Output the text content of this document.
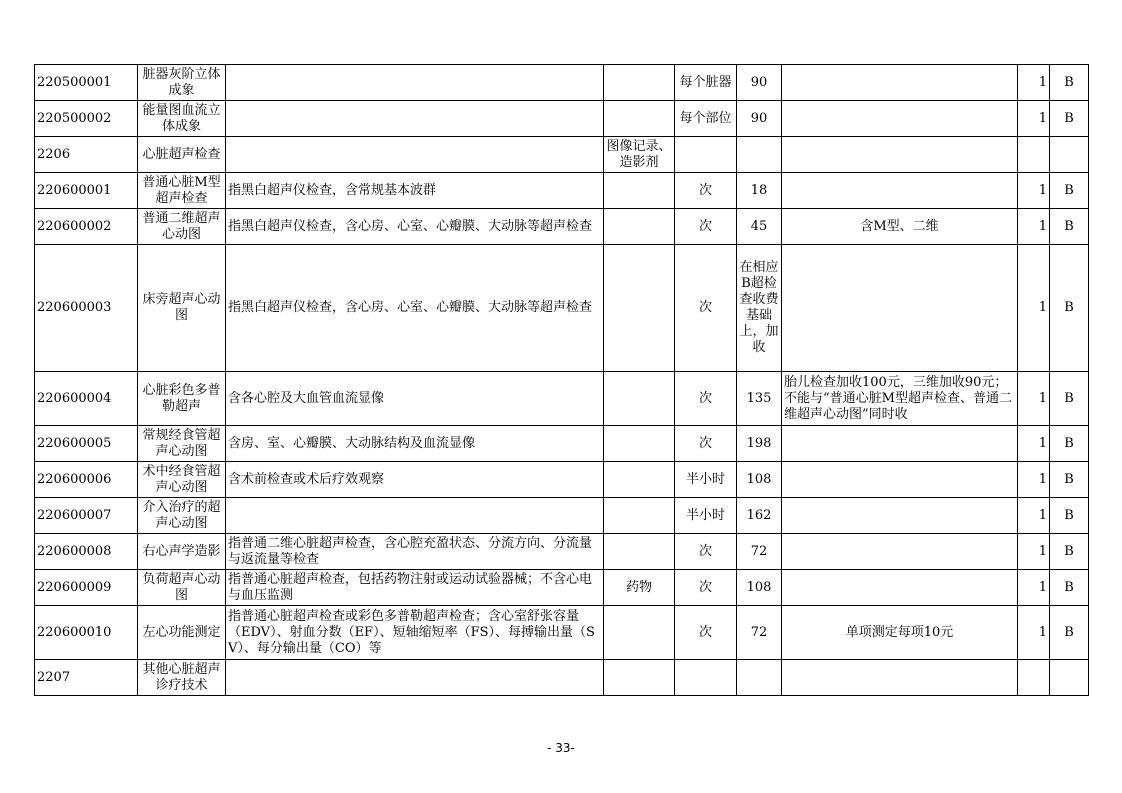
220500001	脏器灰阶立体成象			每个脏器	90		1	B
220500002	能量图血流立体成象			每个部位	90		1	B
2206	心脏超声检查		图像记录、造影剂					
220600001	普通心脏M型超声检查	指黑白超声仪检查，含常规基本波群		次	18		1	B
220600002	普通二维超声心动图	指黑白超声仪检查，含心房、心室、心瓣膜、大动脉等超声检查		次	45	含M型、二维	1	B
220600003	床旁超声心动图	指黑白超声仪检查，含心房、心室、心瓣膜、大动脉等超声检查		次	在相应B超检查收费基础上，加收		1	B
220600004	心脏彩色多普勒超声	含各心腔及大血管血流显像		次	135	胎儿检查加收100元，三维加收90元；不能与“普通心脏M型超声检查、普通二维超声心动图”同时收	1	B
220600005	常规经食管超声心动图	含房、室、心瓣膜、大动脉结构及血流显像		次	198		1	B
220600006	术中经食管超声心动图	含术前检查或术后疗效观察		半小时	108		1	B
220600007	介入治疗的超声心动图			半小时	162		1	B
220600008	右心声学造影	指普通二维心脏超声检查，含心腔充盈状态、分流方向、分流量与返流量等检查		次	72		1	B
220600009	负荷超声心动图	指普通心脏超声检查，包括药物注射或运动试验器械；不含心电与血压监测	药物	次	108		1	B
220600010	左心功能测定	指普通心脏超声检查或彩色多普勒超声检查；含心室舒张容量（EDV）、射血分数（EF）、短轴缩短率（FS）、每搏输出量（SV）、每分输出量（CO）等		次	72	单项测定每项10元	1	B
2207	其他心脏超声诊疗技术							
- 33-
